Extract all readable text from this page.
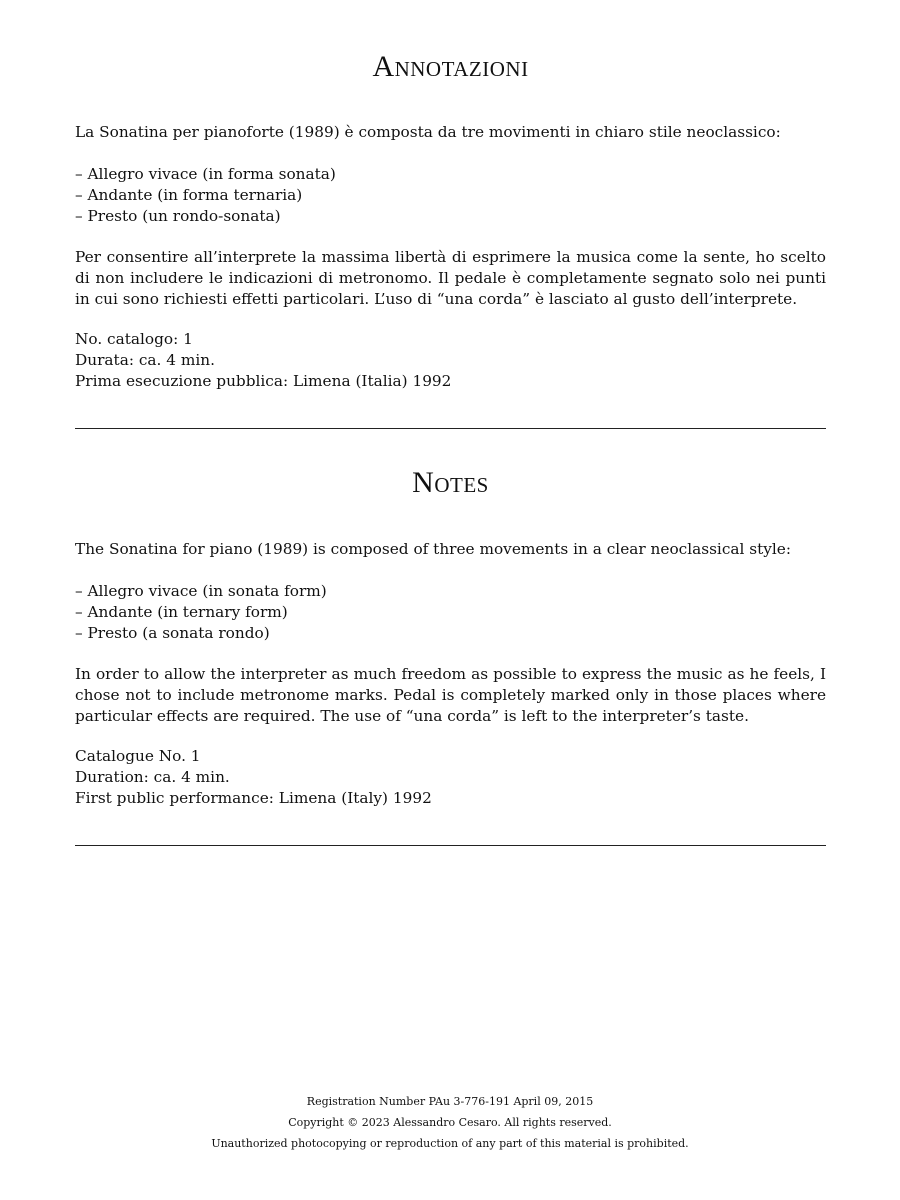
Annotazioni

La Sonatina per pianoforte (1989) è composta da tre movimenti in chiaro stile neoclassico:

– Allegro vivace (in forma sonata)
– Andante (in forma ternaria)
– Presto (un rondo-sonata)

Per consentire all’interprete la massima libertà di esprimere la musica come la sente, ho scelto di non includere le indicazioni di metronomo. Il pedale è completamente segnato solo nei punti in cui sono richiesti effetti particolari. L’uso di “una corda” è lasciato al gusto dell’interprete.

No. catalogo: 1
Durata: ca. 4 min.
Prima esecuzione pubblica: Limena (Italia) 1992
Notes

The Sonatina for piano (1989) is composed of three movements in a clear neoclassical style:

– Allegro vivace (in sonata form)
– Andante (in ternary form)
– Presto (a sonata rondo)

In order to allow the interpreter as much freedom as possible to express the music as he feels, I chose not to include metronome marks. Pedal is completely marked only in those places where particular effects are required. The use of “una corda” is left to the interpreter’s taste.

Catalogue No. 1
Duration: ca. 4 min.
First public performance: Limena (Italy) 1992
Registration Number PAu 3-776-191 April 09, 2015
Copyright © 2023 Alessandro Cesaro. All rights reserved.
Unauthorized photocopying or reproduction of any part of this material is prohibited.
